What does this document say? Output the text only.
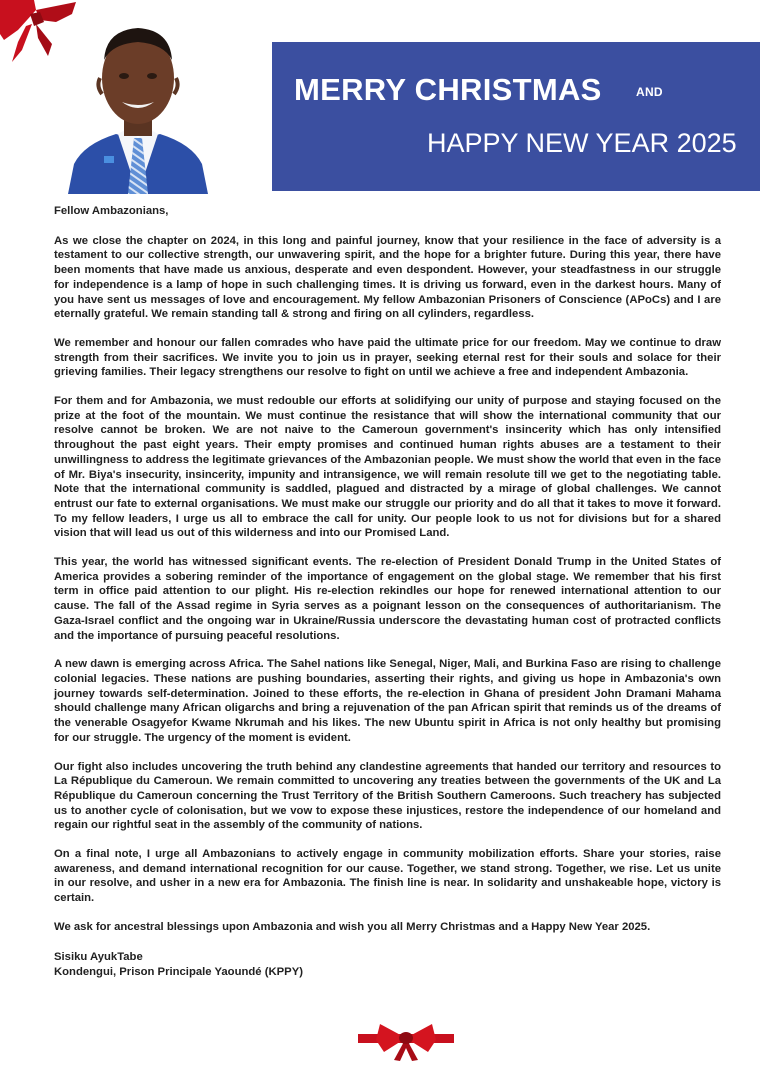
MERRY CHRISTMAS	AND
HAPPY NEW YEAR 2025

Fellow Ambazonians,

As we close the chapter on 2024, in this long and painful journey, know that your resilience in the face of adversity is a testament to our collective strength, our unwavering spirit, and the hope for a brighter future. During this year, there have been moments that have made us anxious, desperate and even despondent. However, your steadfastness in our struggle for independence is a lamp of hope in such challenging times. It is driving us forward, even in the darkest hours. Many of you have sent us messages of love and encouragement. My fellow Ambazonian Prisoners of Conscience (APoCs) and I are eternally grateful. We remain standing tall & strong and firing on all cylinders, regardless.

We remember and honour our fallen comrades who have paid the ultimate price for our freedom. May we continue to draw strength from their sacrifices. We invite you to join us in prayer, seeking eternal rest for their souls and solace for their grieving families. Their legacy strengthens our resolve to fight on until we achieve a free and independent Ambazonia.

For them and for Ambazonia, we must redouble our efforts at solidifying our unity of purpose and staying focused on the prize at the foot of the mountain. We must continue the resistance that will show the international community that our resolve cannot be broken. We are not naive to the Cameroun government's insincerity which has only intensified throughout the past eight years. Their empty promises and continued human rights abuses are a testament to their unwillingness to address the legitimate grievances of the Ambazonian people. We must show the world that even in the face of Mr. Biya's insecurity, insincerity, impunity and intransigence, we will remain resolute till we get to the negotiating table. Note that the international community is saddled, plagued and distracted by a mirage of global challenges. We cannot entrust our fate to external organisations. We must make our struggle our priority and do all that it takes to move it forward. To my fellow leaders, I urge us all to embrace the call for unity. Our people look to us not for divisions but for a shared vision that will lead us out of this wilderness and into our Promised Land.

This year, the world has witnessed significant events. The re-election of President Donald Trump in the United States of America provides a sobering reminder of the importance of engagement on the global stage. We remember that his first term in office paid attention to our plight. His re-election rekindles our hope for renewed international attention to our cause. The fall of the Assad regime in Syria serves as a poignant lesson on the consequences of authoritarianism. The Gaza-Israel conflict and the ongoing war in Ukraine/Russia underscore the devastating human cost of protracted conflicts and the importance of pursuing peaceful resolutions.

A new dawn is emerging across Africa. The Sahel nations like Senegal, Niger, Mali, and Burkina Faso are rising to challenge colonial legacies. These nations are pushing boundaries, asserting their rights, and giving us hope in Ambazonia's own journey towards self-determination. Joined to these efforts, the re-election in Ghana of president John Dramani Mahama should challenge many African oligarchs and bring a rejuvenation of the pan African spirit that reminds us of the dreams of the venerable Osagyefor Kwame Nkrumah and his likes. The new Ubuntu spirit in Africa is not only healthy but promising for our struggle. The urgency of the moment is evident.

Our fight also includes uncovering the truth behind any clandestine agreements that handed our territory and resources to La République du Cameroun. We remain committed to uncovering any treaties between the governments of the UK and La République du Cameroun concerning the Trust Territory of the British Southern Cameroons. Such treachery has subjected us to another cycle of colonisation, but we vow to expose these injustices, restore the independence of our homeland and regain our rightful seat in the assembly of the community of nations.

On a final note, I urge all Ambazonians to actively engage in community mobilization efforts. Share your stories, raise awareness, and demand international recognition for our cause. Together, we stand strong. Together, we rise. Let us unite in our resolve, and usher in a new era for Ambazonia. The finish line is near. In solidarity and unshakeable hope, victory is certain.

We ask for ancestral blessings upon Ambazonia and wish you all Merry Christmas and a Happy New Year 2025.

Sisiku AyukTabe
Kondengui, Prison Principale Yaoundé (KPPY)
